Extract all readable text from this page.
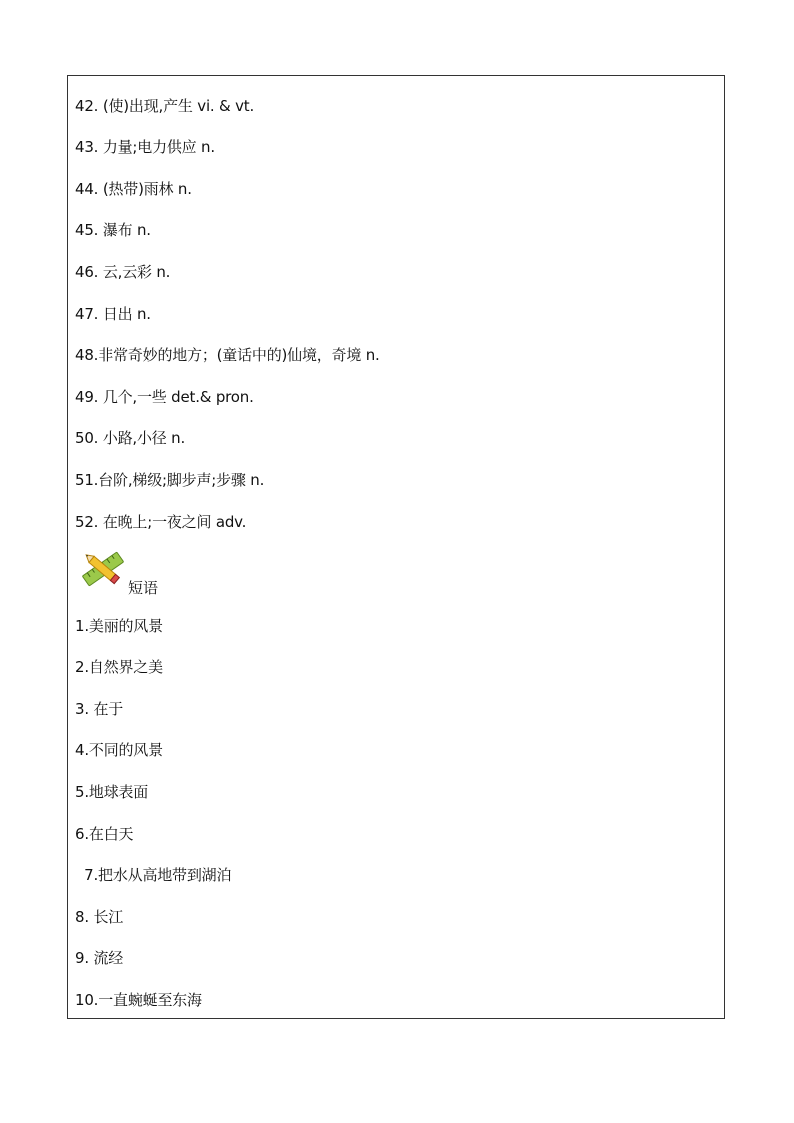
42. (使)出现,产生 vi. & vt.
43. 力量;电力供应 n.
44. (热带)雨林 n.
45. 瀑布 n.
46. 云,云彩 n.
47. 日出 n.
48.非常奇妙的地方；(童话中的)仙境，奇境 n.
49. 几个,一些 det.& pron.
50. 小路,小径 n.
51.台阶,梯级;脚步声;步骤 n.
52. 在晚上;一夜之间 adv.
短语
1.美丽的风景
2.自然界之美
3. 在于
4.不同的风景
5.地球表面
6.在白天
7.把水从高地带到湖泊
8. 长江
9. 流经
10.一直蜿蜒至东海
